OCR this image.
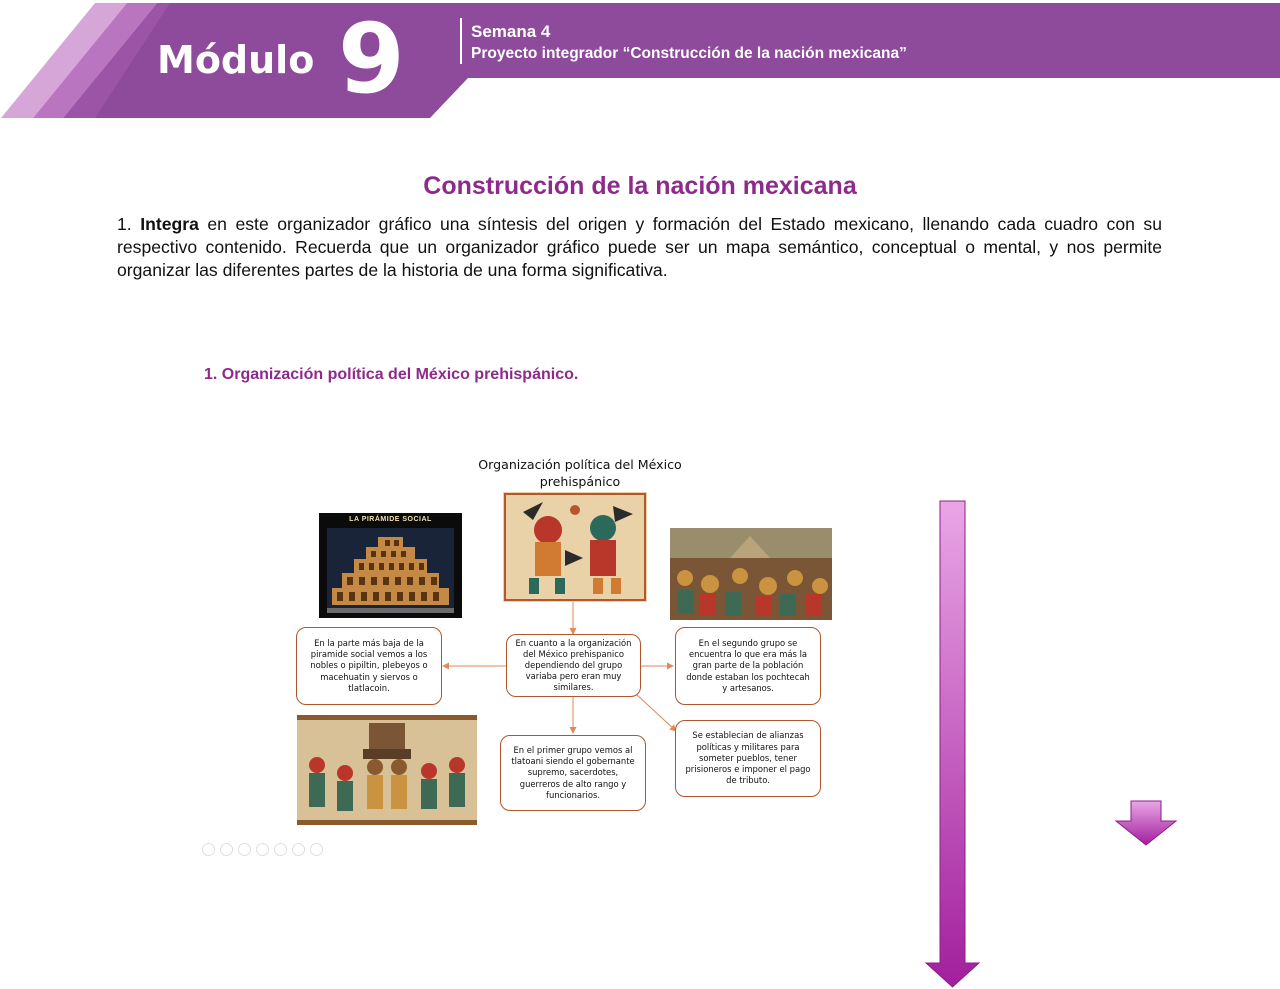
Módulo 9	Semana 4
Proyecto integrador “Construcción de la nación mexicana”
Construcción de la nación mexicana
1. Integra en este organizador gráfico una síntesis del origen y formación del Estado mexicano, llenando cada cuadro con su respectivo contenido. Recuerda que un organizador gráfico puede ser un mapa semántico, conceptual o mental, y nos permite organizar las diferentes partes de la historia de una forma significativa.
1. Organización política del México prehispánico.
Organización política del México prehispánico
LA PIRÁMIDE SOCIAL
En la parte más baja de la piramide social vemos a los nobles o pipiltin, plebeyos o macehuatin y siervos o tlatlacoin.
En cuanto a la organización del México prehispanico dependiendo del grupo variaba pero eran muy similares.
En el segundo grupo se encuentra lo que era más la gran parte de la población donde estaban los pochtecah y artesanos.
En el primer grupo vemos al tlatoani siendo el gobernante supremo, sacerdotes, guerreros de alto rango y funcionarios.
Se establecian de alianzas políticas y militares para someter pueblos, tener prisioneros e imponer el pago de tributo.
